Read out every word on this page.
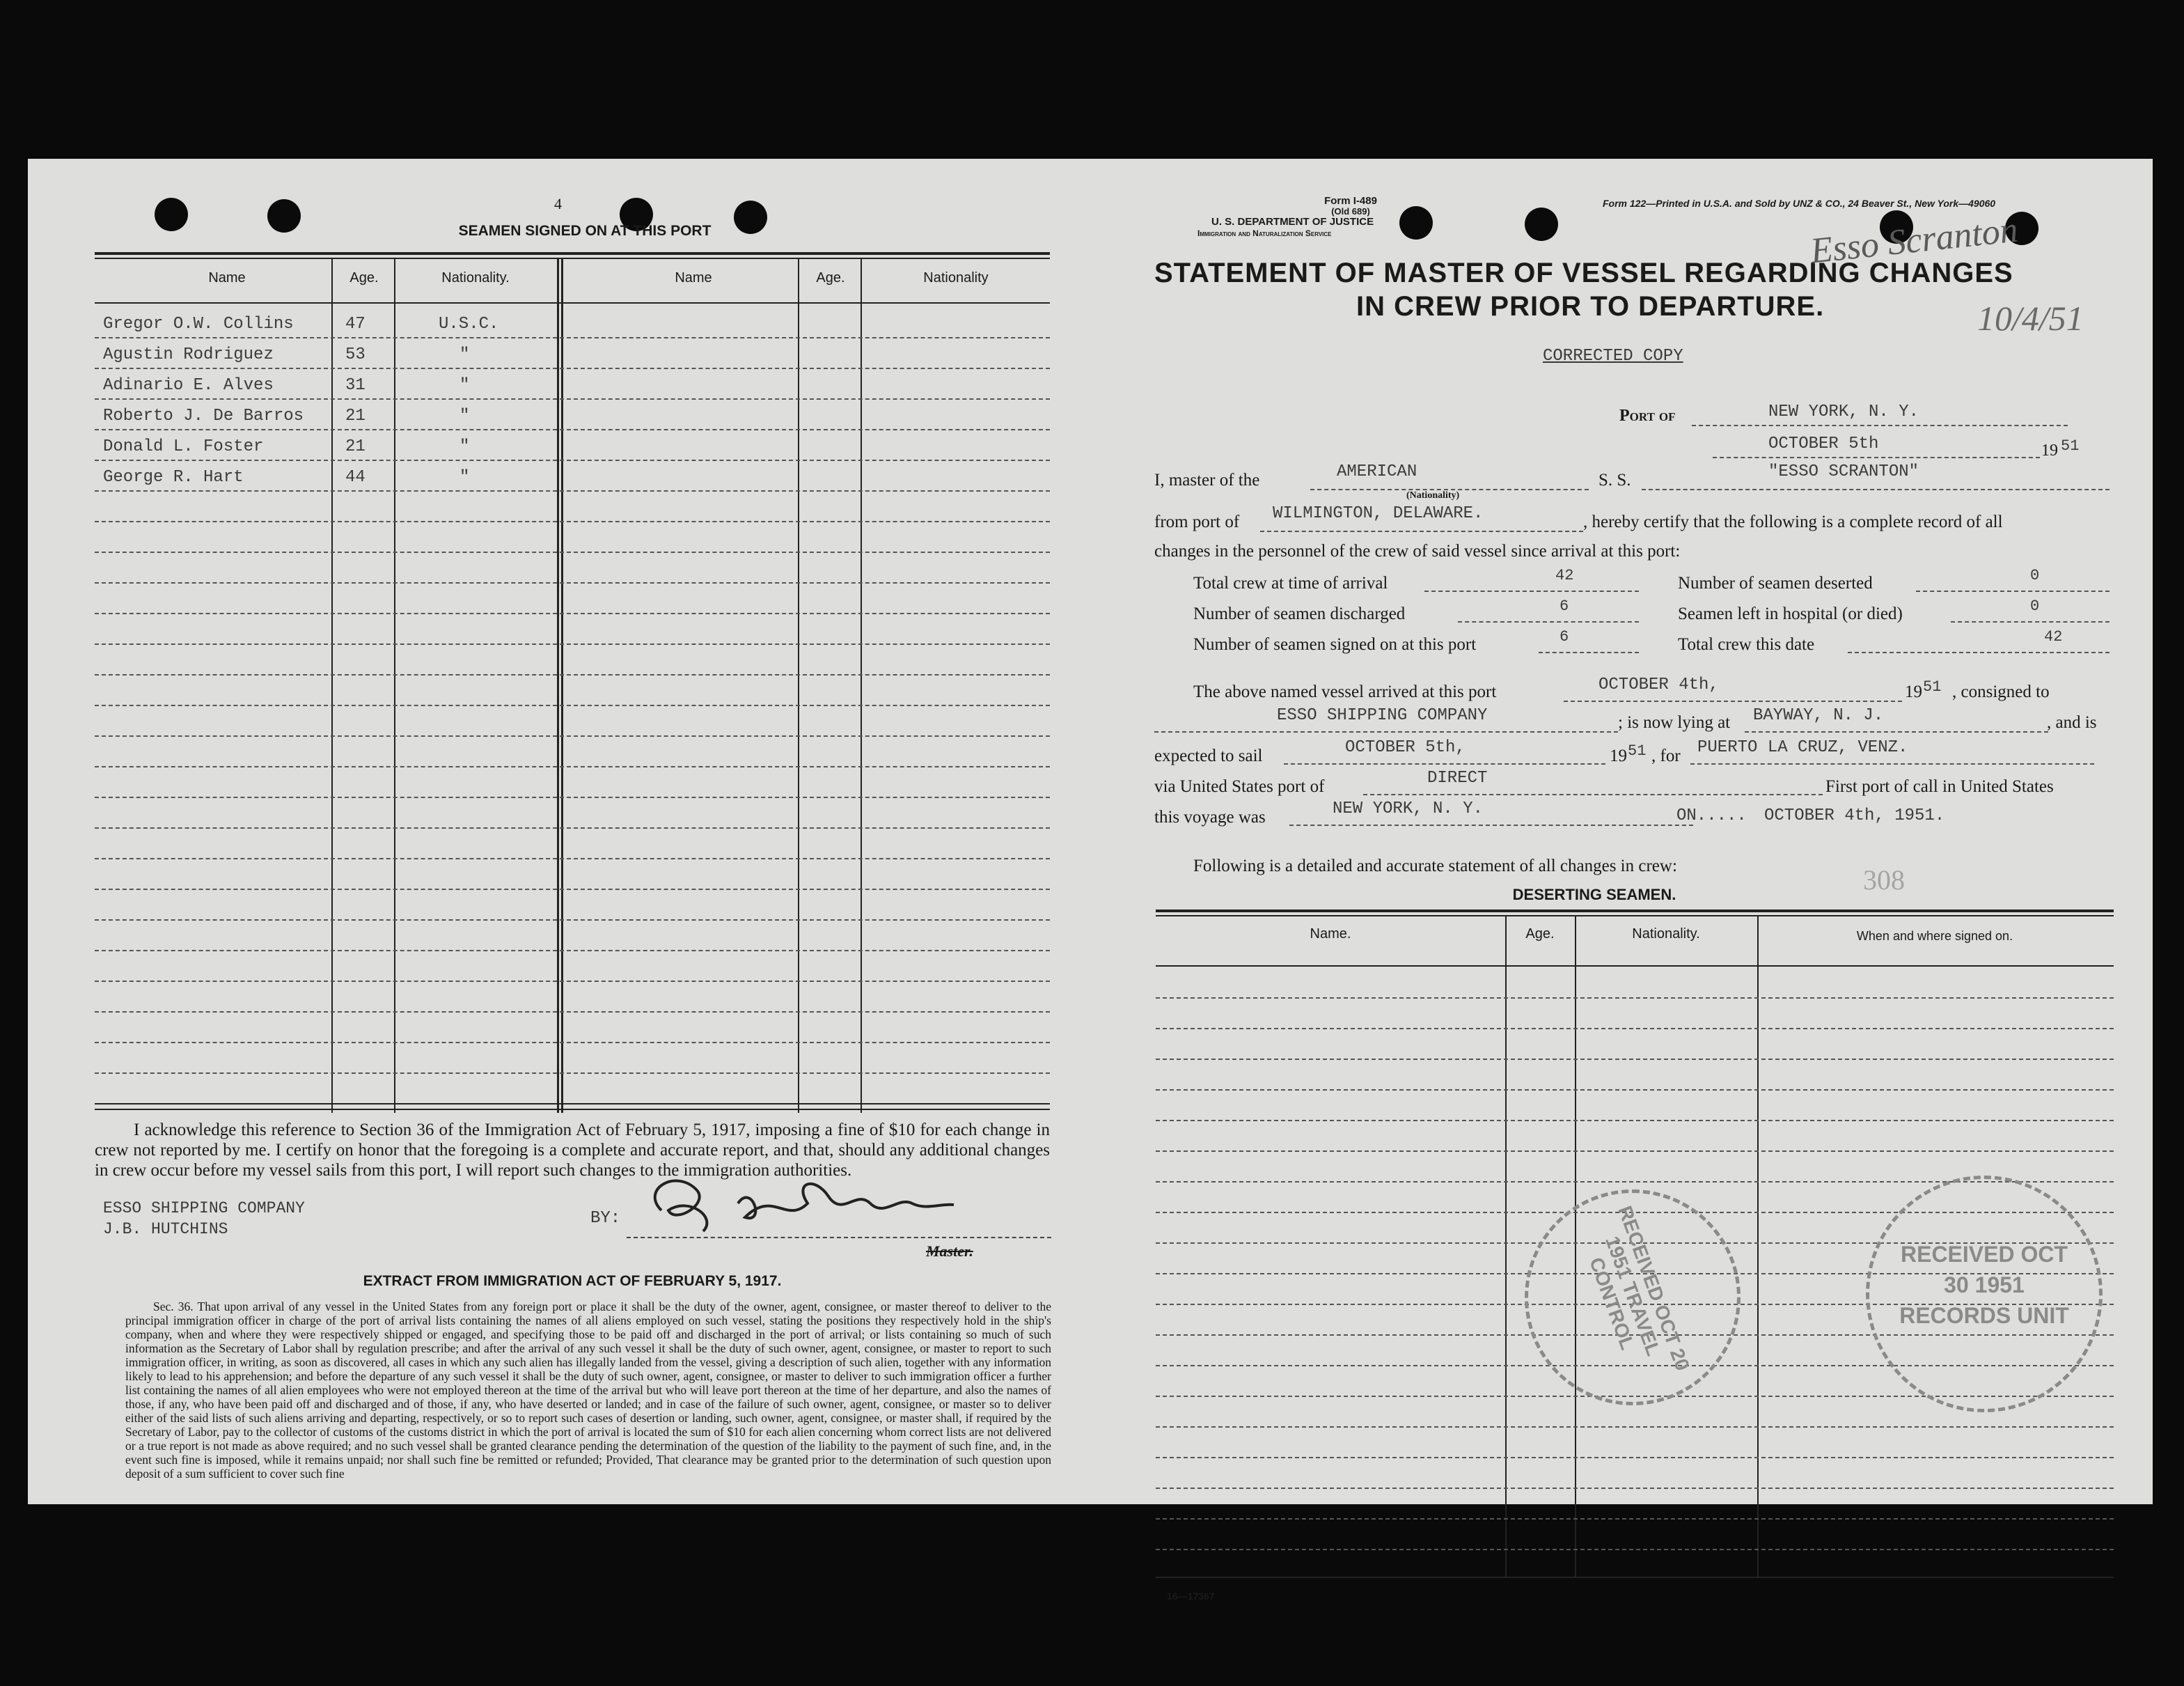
4
SEAMEN SIGNED ON AT THIS PORT
Name	Age.	Nationality.	Name	Age.	Nationality
Gregor O.W. Collins	47	U.S.C.
Agustin Rodriguez	53	"
Adinario E. Alves	31	"
Roberto J. De Barros 21	"
Donald L. Foster	21	"
George R. Hart	44	"
I acknowledge this reference to Section 36 of the Immigration Act of February 5, 1917, imposing a fine of $10 for each change in crew not reported by me. I certify on honor that the foregoing is a complete and accurate report, and that, should any additional changes in crew occur before my vessel sails from this port, I will report such changes to the immigration authorities.
ESSO SHIPPING COMPANY
J.B. HUTCHINS
BY:
Master.
EXTRACT FROM IMMIGRATION ACT OF FEBRUARY 5, 1917.
Sec. 36. That upon arrival of any vessel in the United States from any foreign port or place it shall be the duty of the owner, agent, consignee, or master thereof to deliver to the principal immigration officer in charge of the port of arrival lists containing the names of all aliens employed on such vessel, stating the positions they respectively hold in the ship's company, when and where they were respectively shipped or engaged, and specifying those to be paid off and discharged in the port of arrival; or lists containing so much of such information as the Secretary of Labor shall by regulation prescribe; and after the arrival of any such vessel it shall be the duty of such owner, agent, consignee, or master to report to such immigration officer, in writing, as soon as discovered, all cases in which any such alien has illegally landed from the vessel, giving a description of such alien, together with any information likely to lead to his apprehension; and before the departure of any such vessel it shall be the duty of such owner, agent, consignee, or master to deliver to such immigration officer a further list containing the names of all alien employees who were not employed thereon at the time of the arrival but who will leave port thereon at the time of her departure, and also the names of those, if any, who have been paid off and discharged and of those, if any, who have deserted or landed; and in case of the failure of such owner, agent, consignee, or master so to deliver either of the said lists of such aliens arriving and departing, respectively, or so to report such cases of desertion or landing, such owner, agent, consignee, or master shall, if required by the Secretary of Labor, pay to the collector of customs of the customs district in which the port of arrival is located the sum of $10 for each alien concerning whom correct lists are not delivered or a true report is not made as above required; and no such vessel shall be granted clearance pending the determination of the question of the liability to the payment of such fine, and, in the event such fine is imposed, while it remains unpaid; nor shall such fine be remitted or refunded; Provided, That clearance may be granted prior to the determination of such question upon deposit of a sum sufficient to cover such fine
Form I-489
(Old 689)
U. S. DEPARTMENT OF JUSTICE
Immigration and Naturalization Service
Form 122—Printed in U.S.A. and Sold by UNZ & CO., 24 Beaver St., New York—49060
Esso Scranton
10/4/51
STATEMENT OF MASTER OF VESSEL REGARDING CHANGES
IN CREW PRIOR TO DEPARTURE.
CORRECTED COPY
Port of	NEW YORK, N. Y.
OCTOBER 5th	19 51
I, master of the	AMERICAN
(Nationality)
S. S.	"ESSO SCRANTON"
from port of WILMINGTON, DELAWARE.	, hereby certify that the following is a complete record of all
changes in the personnel of the crew of said vessel since arrival at this port:
Total crew at time of arrival	42
Number of seamen discharged	6
Number of seamen signed on at this port	6
Number of seamen deserted	0
Seamen left in hospital (or died)	0
Total crew this date	42
The above named vessel arrived at this port	OCTOBER 4th,	19 51 , consigned to
ESSO SHIPPING COMPANY	; is now lying at BAYWAY, N. J.	, and is
expected to sail	OCTOBER 5th,	19 51 , for PUERTO LA CRUZ, VENZ.
via United States port of	DIRECT	First port of call in United States
this voyage was	NEW YORK, N. Y.	ON..... OCTOBER 4th, 1951.
Following is a detailed and accurate statement of all changes in crew:	308
DESERTING SEAMEN.
Name.	Age.	Nationality.	When and where signed on.
RECEIVED OCT 20 1951 TRAVEL CONTROL
RECEIVED OCT 30 1951 RECORDS UNIT
16—17367
